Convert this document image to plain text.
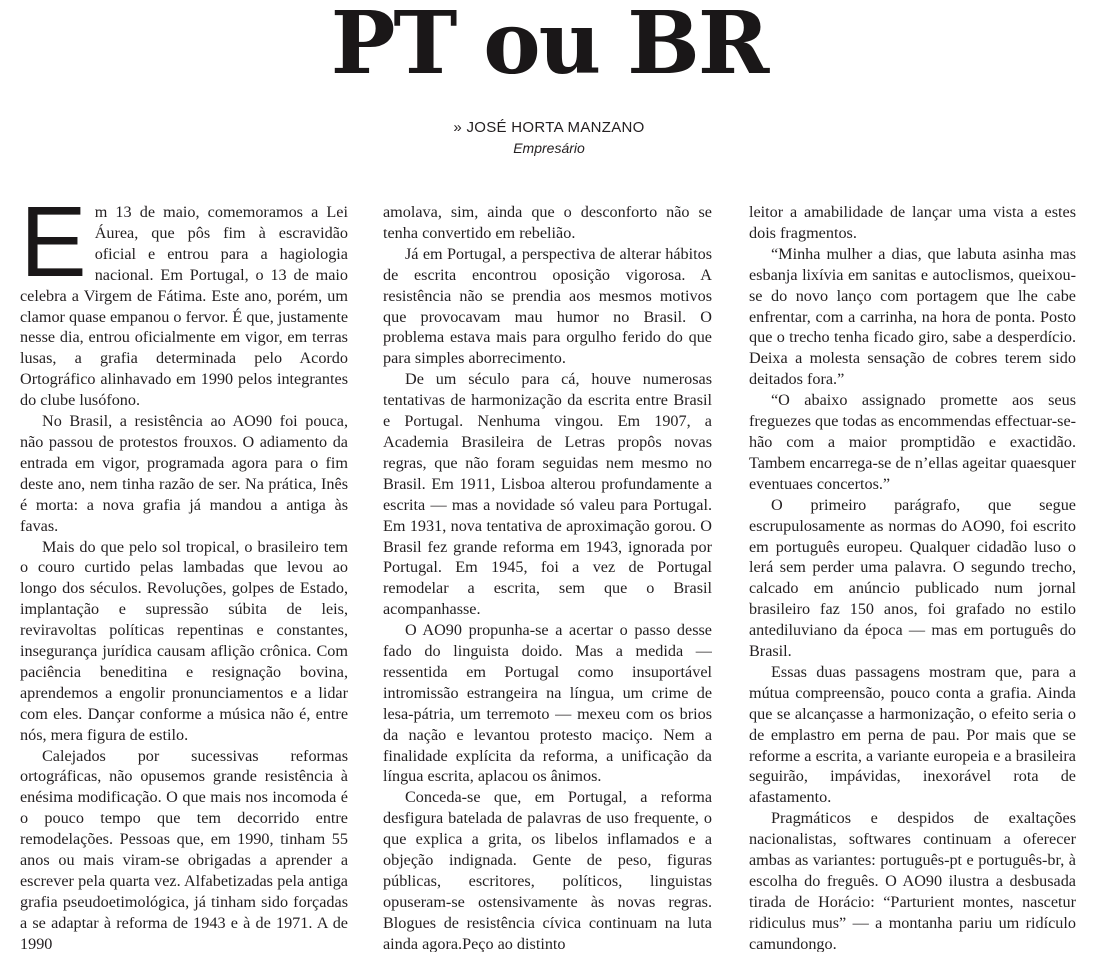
PT ou BR
» JOSÉ HORTA MANZANO
Empresário

Em 13 de maio, comemoramos a Lei Áurea, que pôs fim à escravidão oficial e entrou para a hagiologia nacional. Em Portugal, o 13 de maio celebra a Virgem de Fátima. Este ano, porém, um clamor quase empanou o fervor. É que, justamente nesse dia, entrou oficialmente em vigor, em terras lusas, a grafia determinada pelo Acordo Ortográfico alinhavado em 1990 pelos integrantes do clube lusófono.

No Brasil, a resistência ao AO90 foi pouca, não passou de protestos frouxos. O adiamento da entrada em vigor, programada agora para o fim deste ano, nem tinha razão de ser. Na prática, Inês é morta: a nova grafia já mandou a antiga às favas.

Mais do que pelo sol tropical, o brasileiro tem o couro curtido pelas lambadas que levou ao longo dos séculos. Revoluções, golpes de Estado, implantação e supressão súbita de leis, reviravoltas políticas repentinas e constantes, insegurança jurídica causam aflição crônica. Com paciência beneditina e resignação bovina, aprendemos a engolir pronunciamentos e a lidar com eles. Dançar conforme a música não é, entre nós, mera figura de estilo.

Calejados por sucessivas reformas ortográficas, não opusemos grande resistência à enésima modificação. O que mais nos incomoda é o pouco tempo que tem decorrido entre remodelações. Pessoas que, em 1990, tinham 55 anos ou mais viram-se obrigadas a aprender a escrever pela quarta vez. Alfabetizadas pela antiga grafia pseudoetimológica, já tinham sido forçadas a se adaptar à reforma de 1943 e à de 1971. A de 1990

amolava, sim, ainda que o desconforto não se tenha convertido em rebelião.

Já em Portugal, a perspectiva de alterar hábitos de escrita encontrou oposição vigorosa. A resistência não se prendia aos mesmos motivos que provocavam mau humor no Brasil. O problema estava mais para orgulho ferido do que para simples aborrecimento.

De um século para cá, houve numerosas tentativas de harmonização da escrita entre Brasil e Portugal. Nenhuma vingou. Em 1907, a Academia Brasileira de Letras propôs novas regras, que não foram seguidas nem mesmo no Brasil. Em 1911, Lisboa alterou profundamente a escrita — mas a novidade só valeu para Portugal. Em 1931, nova tentativa de aproximação gorou. O Brasil fez grande reforma em 1943, ignorada por Portugal. Em 1945, foi a vez de Portugal remodelar a escrita, sem que o Brasil acompanhasse.

O AO90 propunha-se a acertar o passo desse fado do linguista doido. Mas a medida — ressentida em Portugal como insuportável intromissão estrangeira na língua, um crime de lesa-pátria, um terremoto — mexeu com os brios da nação e levantou protesto maciço. Nem a finalidade explícita da reforma, a unificação da língua escrita, aplacou os ânimos.

Conceda-se que, em Portugal, a reforma desfigura batelada de palavras de uso frequente, o que explica a grita, os libelos inflamados e a objeção indignada. Gente de peso, figuras públicas, escritores, políticos, linguistas opuseram-se ostensivamente às novas regras. Blogues de resistência cívica continuam na luta ainda agora.Peço ao distinto

leitor a amabilidade de lançar uma vista a estes dois fragmentos.

“Minha mulher a dias, que labuta asinha mas esbanja lixívia em sanitas e autoclismos, queixou-se do novo lanço com portagem que lhe cabe enfrentar, com a carrinha, na hora de ponta. Posto que o trecho tenha ficado giro, sabe a desperdício. Deixa a molesta sensação de cobres terem sido deitados fora.”

“O abaixo assignado promette aos seus freguezes que todas as encommendas effectuar-se-hão com a maior promptidão e exactidão. Tambem encarrega-se de n’ellas ageitar quaesquer eventuaes concertos.”

O primeiro parágrafo, que segue escrupulosamente as normas do AO90, foi escrito em português europeu. Qualquer cidadão luso o lerá sem perder uma palavra. O segundo trecho, calcado em anúncio publicado num jornal brasileiro faz 150 anos, foi grafado no estilo antediluviano da época — mas em português do Brasil.

Essas duas passagens mostram que, para a mútua compreensão, pouco conta a grafia. Ainda que se alcançasse a harmonização, o efeito seria o de emplastro em perna de pau. Por mais que se reforme a escrita, a variante europeia e a brasileira seguirão, impávidas, inexorável rota de afastamento.

Pragmáticos e despidos de exaltações nacionalistas, softwares continuam a oferecer ambas as variantes: português-pt e português-br, à escolha do freguês. O AO90 ilustra a desbusada tirada de Horácio: “Parturient montes, nascetur ridiculus mus” — a montanha pariu um ridículo camundongo.
